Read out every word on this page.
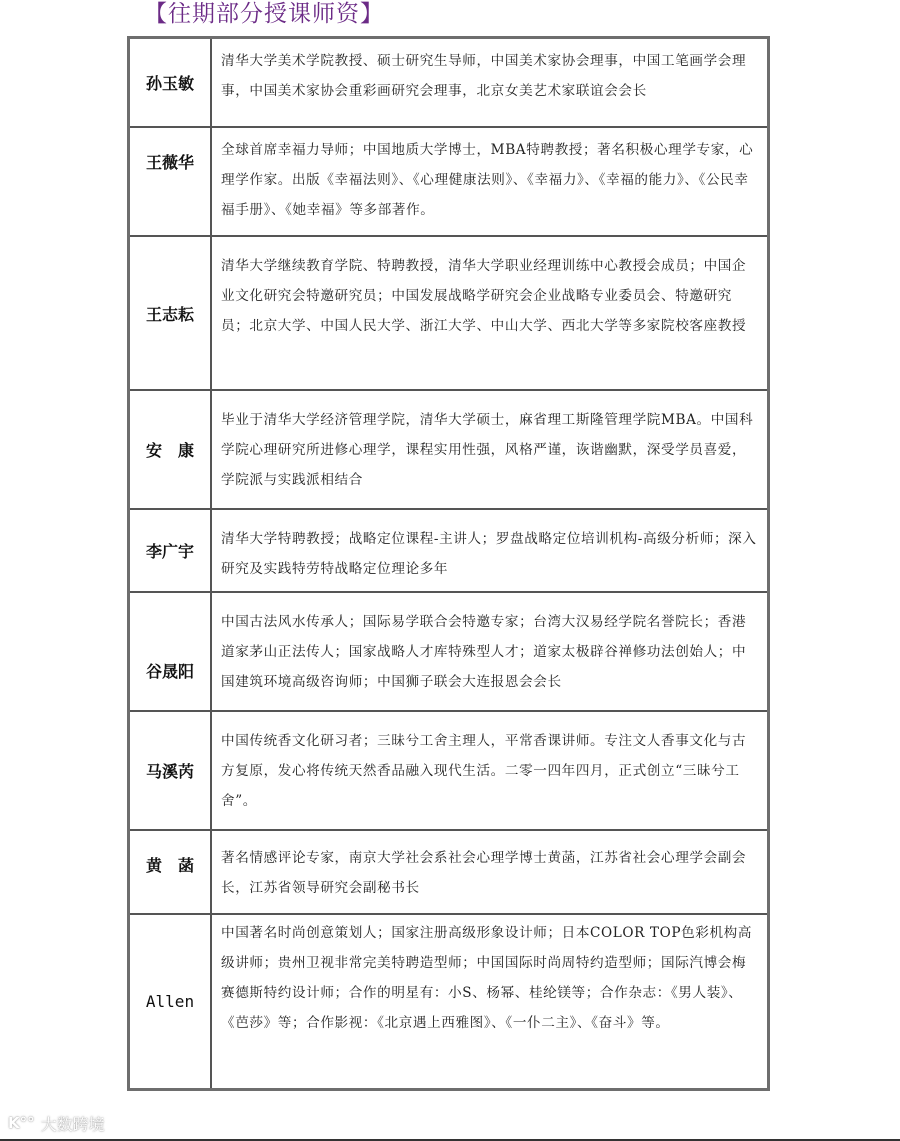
【往期部分授课师资】
孙玉敏
清华大学美术学院教授、硕士研究生导师，中国美术家协会理事，中国工笔画学会理事，中国美术家协会重彩画研究会理事，北京女美艺术家联谊会会长
王薇华
全球首席幸福力导师；中国地质大学博士，MBA特聘教授；著名积极心理学专家，心理学作家。出版《幸福法则》、《心理健康法则》、《幸福力》、《幸福的能力》、《公民幸福手册》、《她幸福》等多部著作。
王志耘
清华大学继续教育学院、特聘教授，清华大学职业经理训练中心教授会成员；中国企业文化研究会特邀研究员；中国发展战略学研究会企业战略专业委员会、特邀研究员；北京大学、中国人民大学、浙江大学、中山大学、西北大学等多家院校客座教授
安　康
毕业于清华大学经济管理学院，清华大学硕士，麻省理工斯隆管理学院MBA。中国科学院心理研究所进修心理学，课程实用性强，风格严谨，诙谐幽默，深受学员喜爱，学院派与实践派相结合
李广宇
清华大学特聘教授；战略定位课程-主讲人；罗盘战略定位培训机构-高级分析师；深入研究及实践特劳特战略定位理论多年
谷晟阳
中国古法风水传承人；国际易学联合会特邀专家；台湾大汉易经学院名誉院长；香港道家茅山正法传人；国家战略人才库特殊型人才；道家太极辟谷禅修功法创始人；中国建筑环境高级咨询师；中国狮子联会大连报恩会会长
马溪芮
中国传统香文化研习者；三昧兮工舍主理人，平常香课讲师。专注文人香事文化与古方复原，发心将传统天然香品融入现代生活。二零一四年四月，正式创立“三昧兮工舍”。
黄　菡	著名情感评论专家，南京大学社会系社会心理学博士黄菡，江苏省社会心理学会副会长，江苏省领导研究会副秘书长
Allen
中国著名时尚创意策划人；国家注册高级形象设计师；日本COLOR TOP色彩机构高级讲师；贵州卫视非常完美特聘造型师；中国国际时尚周特约造型师；国际汽博会梅赛德斯特约设计师；合作的明星有：小S、杨幂、桂纶镁等；合作杂志：《男人装》、《芭莎》等；合作影视：《北京遇上西雅图》、《一仆二主》、《奋斗》等。
K°° 大数跨境
